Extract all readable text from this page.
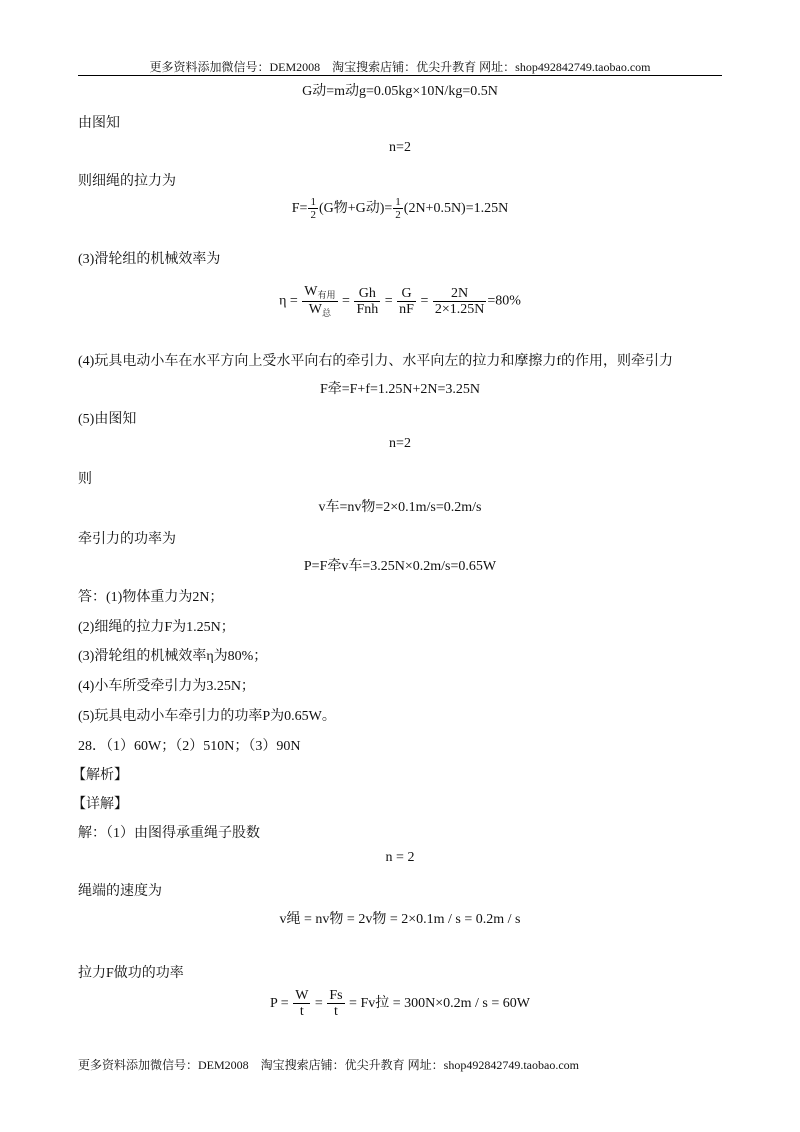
更多资料添加微信号：DEM2008　淘宝搜索店铺：优尖升教育 网址：shop492842749.taobao.com
G动=m动g=0.05kg×10N/kg=0.5N
由图知
n=2
则细绳的拉力为
$F= \frac{1}{2} (G$物+G动)= $\frac{1}{2} (2N+0.5N)=1.25N$
(3)滑轮组的机械效率为
$\eta = \frac{W_{有用}}{W_总} = \frac{Gh}{\text{Fnh}} = \frac{G}{nF} = \frac{2N}{2\times 1.25N} =80\%$
(4)玩具电动小车在水平方向上受水平向右的牵引力、水平向左的拉力和摩擦力f的作用，则牵引力
F牵=F+f=1.25N+2N=3.25N
(5)由图知
n=2
则
v车=nv物=2×0.1m/s=0.2m/s
牵引力的功率为
P=F牵v车=3.25N×0.2m/s=0.65W
答：(1)物体重力为2N；
(2)细绳的拉力F为1.25N；
(3)滑轮组的机械效率η为80%；
(4)小车所受牵引力为3.25N；
(5)玩具电动小车牵引力的功率P为0.65W。
28．（1）60W；（2）510N；（3）90N
【解析】
【详解】
解：（1）由图得承重绳子股数
n = 2
绳端的速度为
v绳 = nv物 = 2v物 = 2×0.1m / s = 0.2m / s
拉力F做功的功率
$P = \frac{W}{t} = \frac{Fs}{t} = Fv$拉 = 300N×0.2m / s = 60W
更多资料添加微信号：DEM2008　淘宝搜索店铺：优尖升教育 网址：shop492842749.taobao.com
